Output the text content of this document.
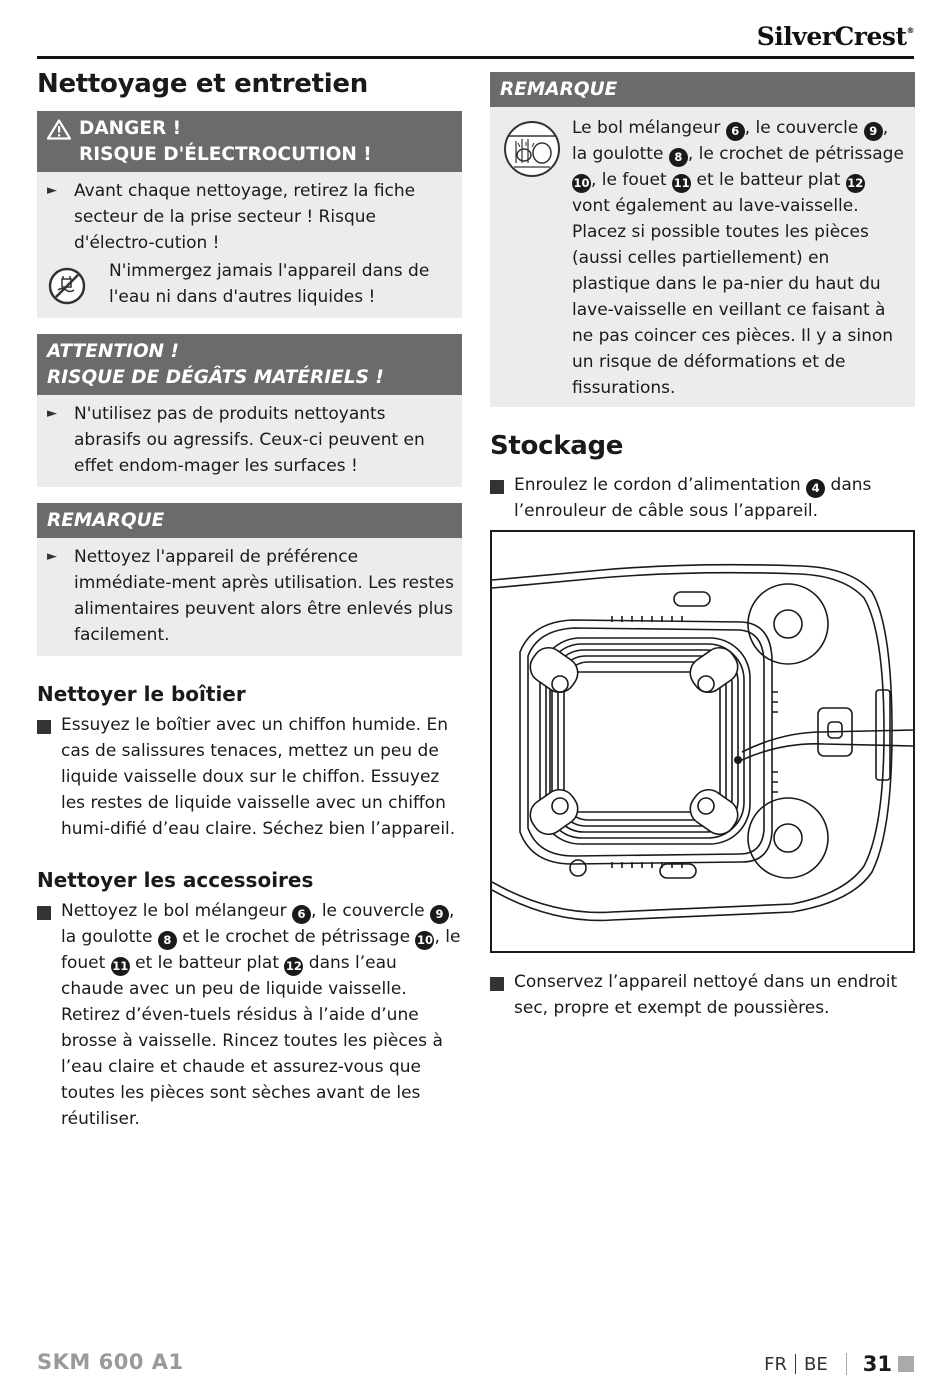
SilverCrest®
Nettoyage et entretien
DANGER !
RISQUE D'ÉLECTROCUTION !
►	Avant chaque nettoyage, retirez la fiche secteur de la prise secteur ! Risque d'électro-cution !
N'immergez jamais l'appareil dans de l'eau ni dans d'autres liquides !
ATTENTION !
RISQUE DE DÉGÂTS MATÉRIELS !
►	N'utilisez pas de produits nettoyants abrasifs ou agressifs. Ceux-ci peuvent en effet endom-mager les surfaces !
REMARQUE
►	Nettoyez l'appareil de préférence immédiate-ment après utilisation. Les restes alimentaires peuvent alors être enlevés plus facilement.
Nettoyer le boîtier
Essuyez le boîtier avec un chiffon humide. En cas de salissures tenaces, mettez un peu de liquide vaisselle doux sur le chiffon. Essuyez les restes de liquide vaisselle avec un chiffon humi-difié d’eau claire. Séchez bien l’appareil.
Nettoyer les accessoires
Nettoyez le bol mélangeur 6 , le couvercle 9 , la goulotte 8 et le crochet de pétrissage 10, le fouet 11 et le batteur plat 12 dans l’eau chaude avec un peu de liquide vaisselle. Retirez d’éven-tuels résidus à l’aide d’une brosse à vaisselle. Rincez toutes les pièces à l’eau claire et chaude et assurez-vous que toutes les pièces sont sèches avant de les réutiliser.
REMARQUE
Le bol mélangeur 6 , le couvercle 9 , la goulotte 8 , le crochet de pétrissage 10, le fouet 11 et le batteur plat 12 vont également au lave-vaisselle. Placez si possible toutes les pièces (aussi celles partiellement) en plastique dans le pa-nier du haut du lave-vaisselle en veillant ce faisant à ne pas coincer ces pièces. Il y a sinon un risque de déformations et de fissurations.
Stockage
Enroulez le cordon d’alimentation 4 dans l’enrouleur de câble sous l’appareil.
Conservez l’appareil nettoyé dans un endroit sec, propre et exempt de poussières.
SKM 600 A1	FR BE 31
